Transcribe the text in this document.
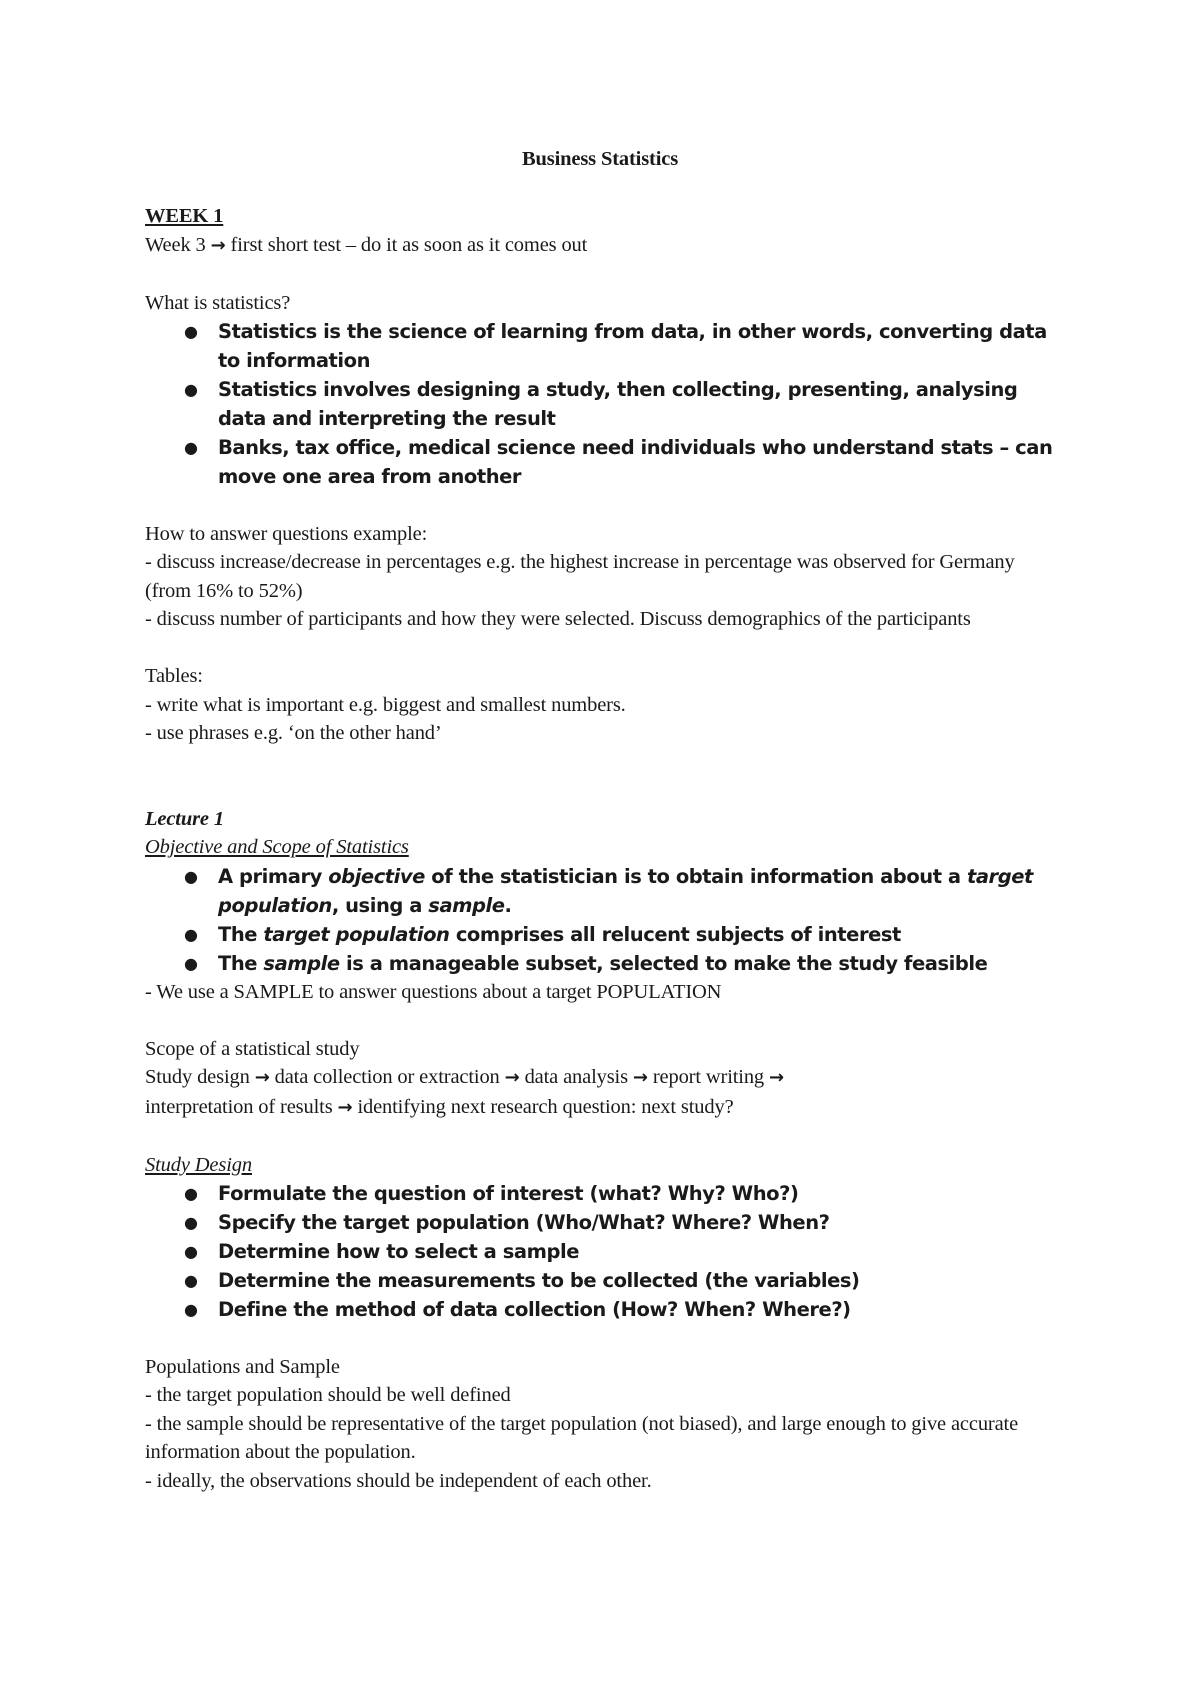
Business Statistics

WEEK 1

Week 3 → first short test – do it as soon as it comes out

What is statistics?

● Statistics is the science of learning from data, in other words, converting data to information
● Statistics involves designing a study, then collecting, presenting, analysing data and interpreting the result
● Banks, tax office, medical science need individuals who understand stats – can move one area from another

How to answer questions example:

- discuss increase/decrease in percentages e.g. the highest increase in percentage was observed for Germany (from 16% to 52%)

- discuss number of participants and how they were selected. Discuss demographics of the participants

Tables:

- write what is important e.g. biggest and smallest numbers.

- use phrases e.g. ‘on the other hand’

Lecture 1

Objective and Scope of Statistics

● A primary objective of the statistician is to obtain information about a target population, using a sample.
● The target population comprises all relucent subjects of interest
● The sample is a manageable subset, selected to make the study feasible

- We use a SAMPLE to answer questions about a target POPULATION

Scope of a statistical study

Study design → data collection or extraction → data analysis → report writing →
interpretation of results → identifying next research question: next study?

Study Design

● Formulate the question of interest (what? Why? Who?)
● Specify the target population (Who/What? Where? When?
● Determine how to select a sample
● Determine the measurements to be collected (the variables)
● Define the method of data collection (How? When? Where?)

Populations and Sample

- the target population should be well defined

- the sample should be representative of the target population (not biased), and large enough to give accurate information about the population.

- ideally, the observations should be independent of each other.
